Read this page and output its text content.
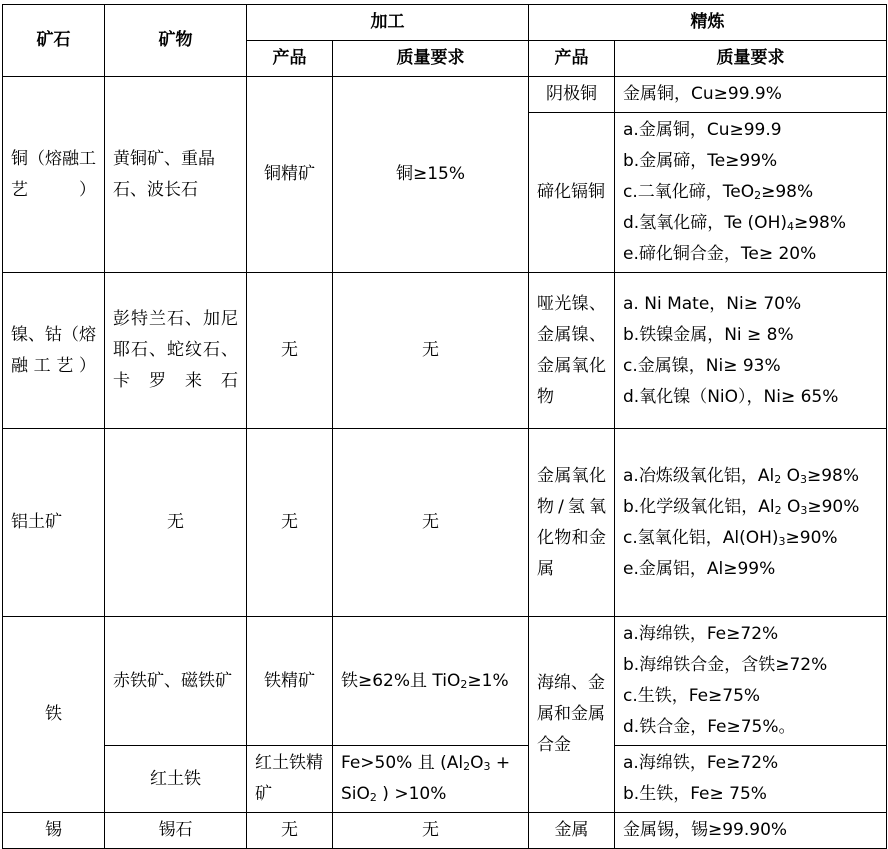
矿石	矿物	加工		精炼	
		产品	质量要求	产品	质量要求
铜（熔融工艺）	黄铜矿、重晶石、波长石	铜精矿	铜≥15%	阴极铜	金属铜，Cu≥99.9%
				碲化镉铜	a.金属铜，Cu≥99.9
b.金属碲，Te≥99%
c.二氧化碲，TeO$_2$≥98%
d.氢氧化碲，Te $(OH)_4\ge 98\%$
e.碲化铜合金，Te≥ 20%

镍、钴（熔融工艺）	彭特兰石、加尼耶石、蛇纹石、卡罗来石	无	无	哑光镍、金属镍、金属氧化物	a. Ni Mate，Ni≥ 70%
b.铁镍金属，Ni ≥ 8%
c.金属镍，Ni≥ 93%
d.氧化镍（NiO），Ni≥ 65%

铝土矿	无	无	无	金属氧化物/氢氧化物和金属	a.冶炼级氧化铝，$Al_2$ $O_3\ge 98\%$
b.化学级氧化铝，$Al_2$ $O_3\ge 90\%$
c.氢氧化铝，$Al(OH)_3\ge 90\%$
e.金属铝，Al≥99%

铁	赤铁矿、磁铁矿	铁精矿	铁≥62%且 TiO$_2$≥1%	海绵、金属和金属合金	a.海绵铁，Fe≥72%
b.海绵铁合金，含铁≥72%
c.生铁，Fe≥75%
d.铁合金，Fe≥75%。

	红土铁	红土铁精矿	Fe>50% 且 ($Al_2O_3 + SiO_2$ ) >10%		a.海绵铁，Fe≥72%
b.生铁，Fe≥ 75%

锡	锡石	无	无	金属	金属锡，锡≥99.90%
